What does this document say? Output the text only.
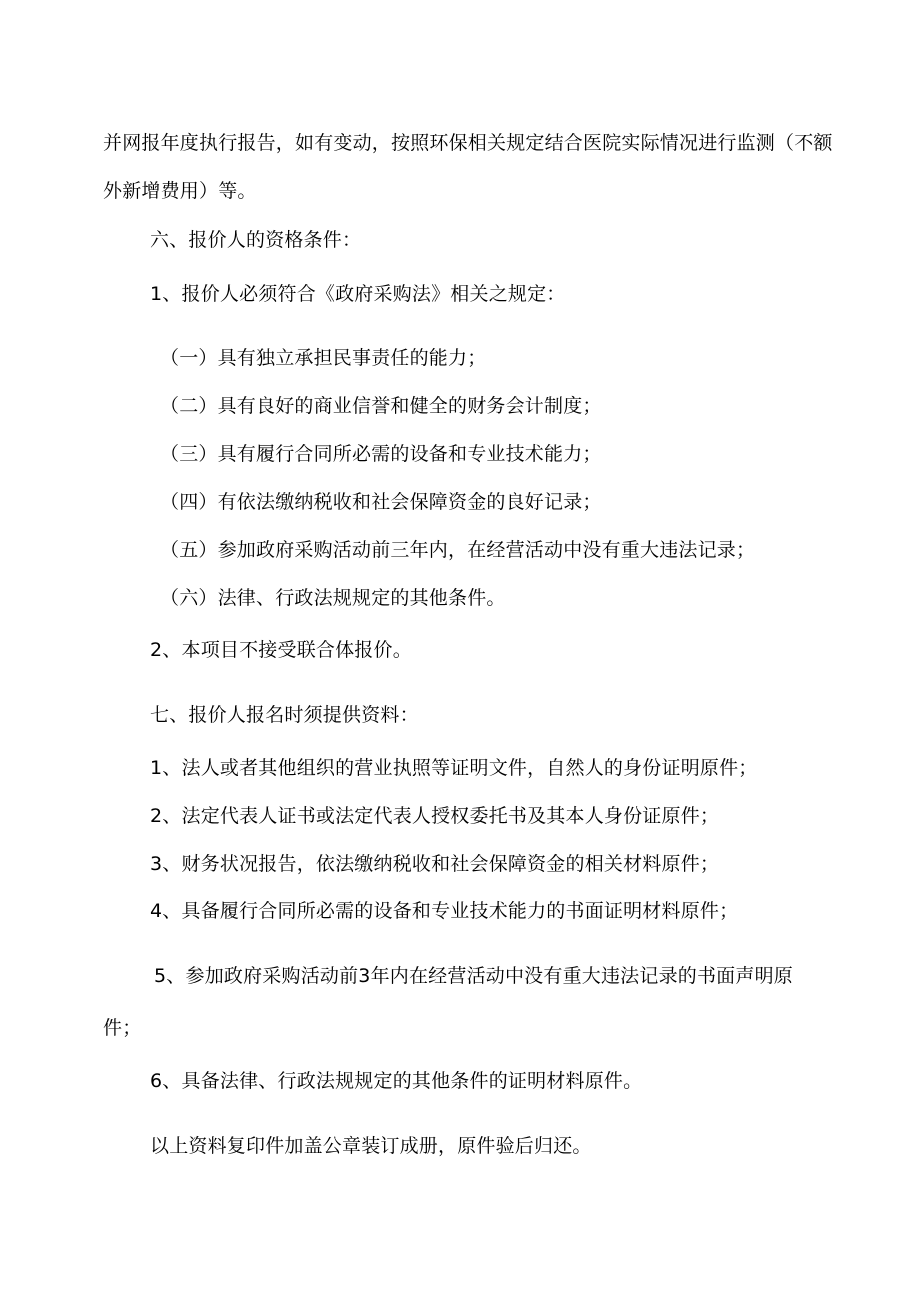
并网报年度执行报告，如有变动，按照环保相关规定结合医院实际情况进行监测（不额
外新增费用）等。
六、报价人的资格条件：
1、报价人必须符合《政府采购法》相关之规定：
（一）具有独立承担民事责任的能力；
（二）具有良好的商业信誉和健全的财务会计制度；
（三）具有履行合同所必需的设备和专业技术能力；
（四）有依法缴纳税收和社会保障资金的良好记录；
（五）参加政府采购活动前三年内，在经营活动中没有重大违法记录；
（六）法律、行政法规规定的其他条件。
2、本项目不接受联合体报价。
七、报价人报名时须提供资料：
1、法人或者其他组织的营业执照等证明文件，自然人的身份证明原件；
2、法定代表人证书或法定代表人授权委托书及其本人身份证原件；
3、财务状况报告，依法缴纳税收和社会保障资金的相关材料原件；
4、具备履行合同所必需的设备和专业技术能力的书面证明材料原件；
5、参加政府采购活动前3年内在经营活动中没有重大违法记录的书面声明原
件；
6、具备法律、行政法规规定的其他条件的证明材料原件。
以上资料复印件加盖公章装订成册，原件验后归还。
